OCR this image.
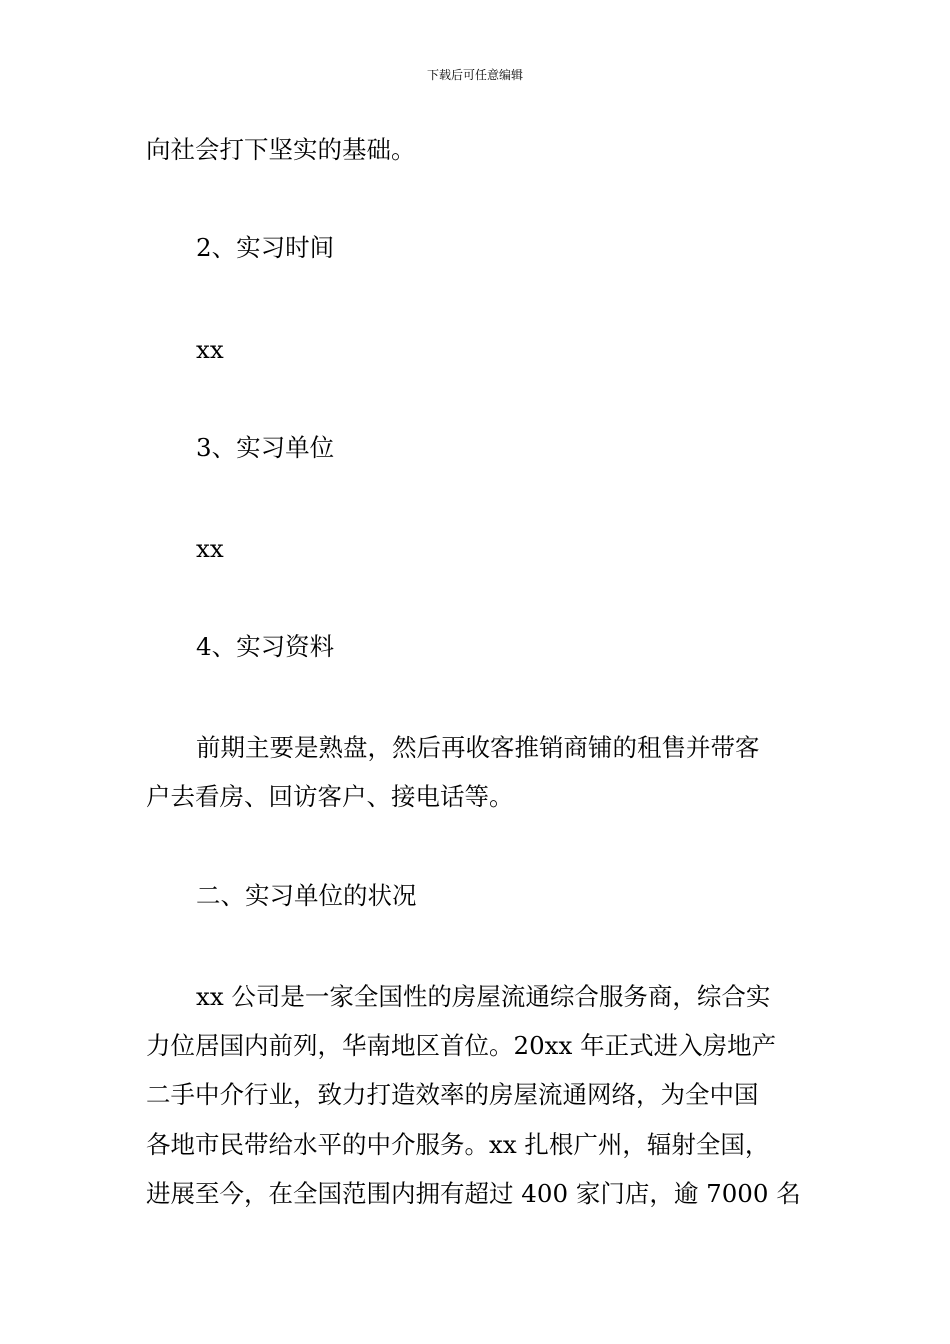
下载后可任意编辑
向社会打下坚实的基础。
2、实习时间
xx
3、实习单位
xx
4、实习资料
前期主要是熟盘，然后再收客推销商铺的租售并带客
户去看房、回访客户、接电话等。
二、实习单位的状况
xx 公司是一家全国性的房屋流通综合服务商，综合实
力位居国内前列，华南地区首位。20xx 年正式进入房地产
二手中介行业，致力打造效率的房屋流通网络，为全中国
各地市民带给水平的中介服务。xx 扎根广州，辐射全国，
进展至今，在全国范围内拥有超过 400 家门店，逾 7000 名
